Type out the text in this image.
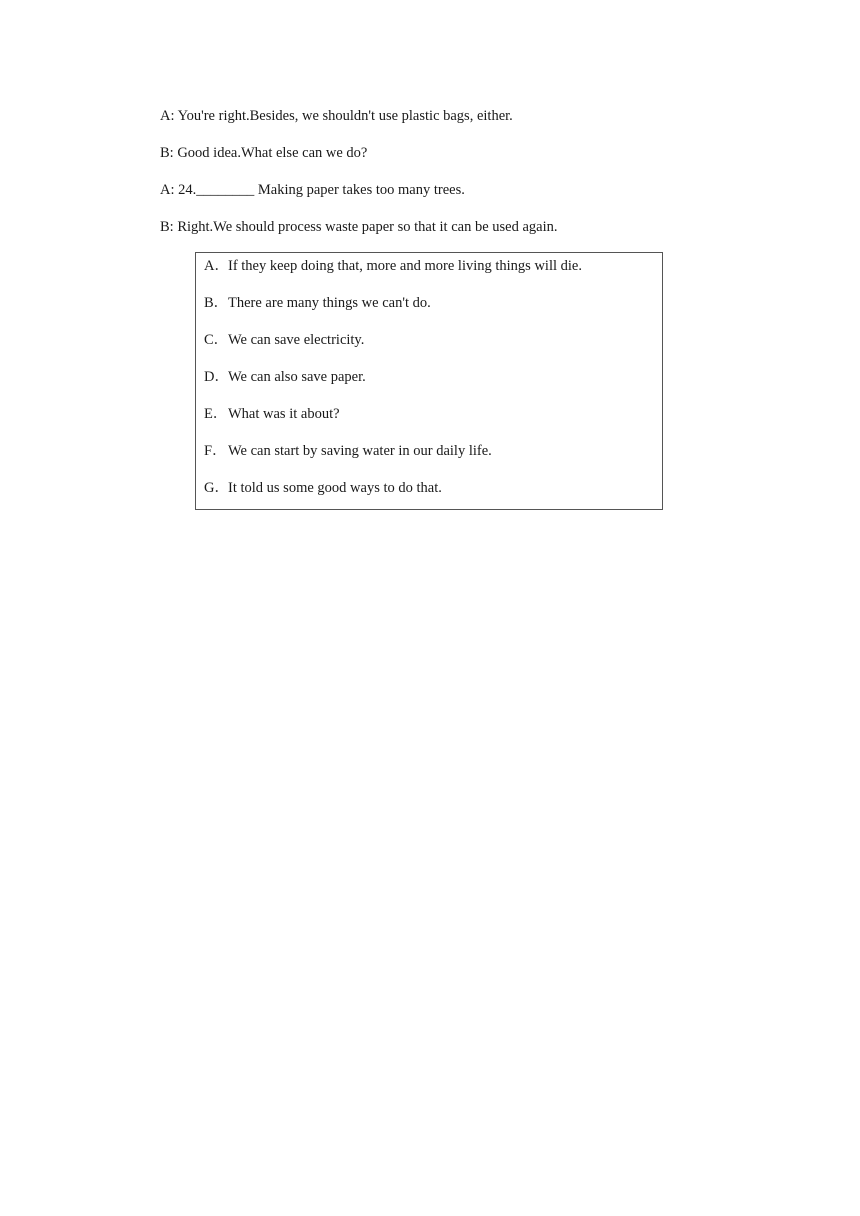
A: You're right.Besides, we shouldn't use plastic bags, either.
B: Good idea.What else can we do?
A: 24.________ Making paper takes too many trees.
B: Right.We should process waste paper so that it can be used again.
A．If they keep doing that, more and more living things will die.
B．There are many things we can't do.
C．We can save electricity.
D．We can also save paper.
E．What was it about?
F．We can start by saving water in our daily life.
G．It told us some good ways to do that.
